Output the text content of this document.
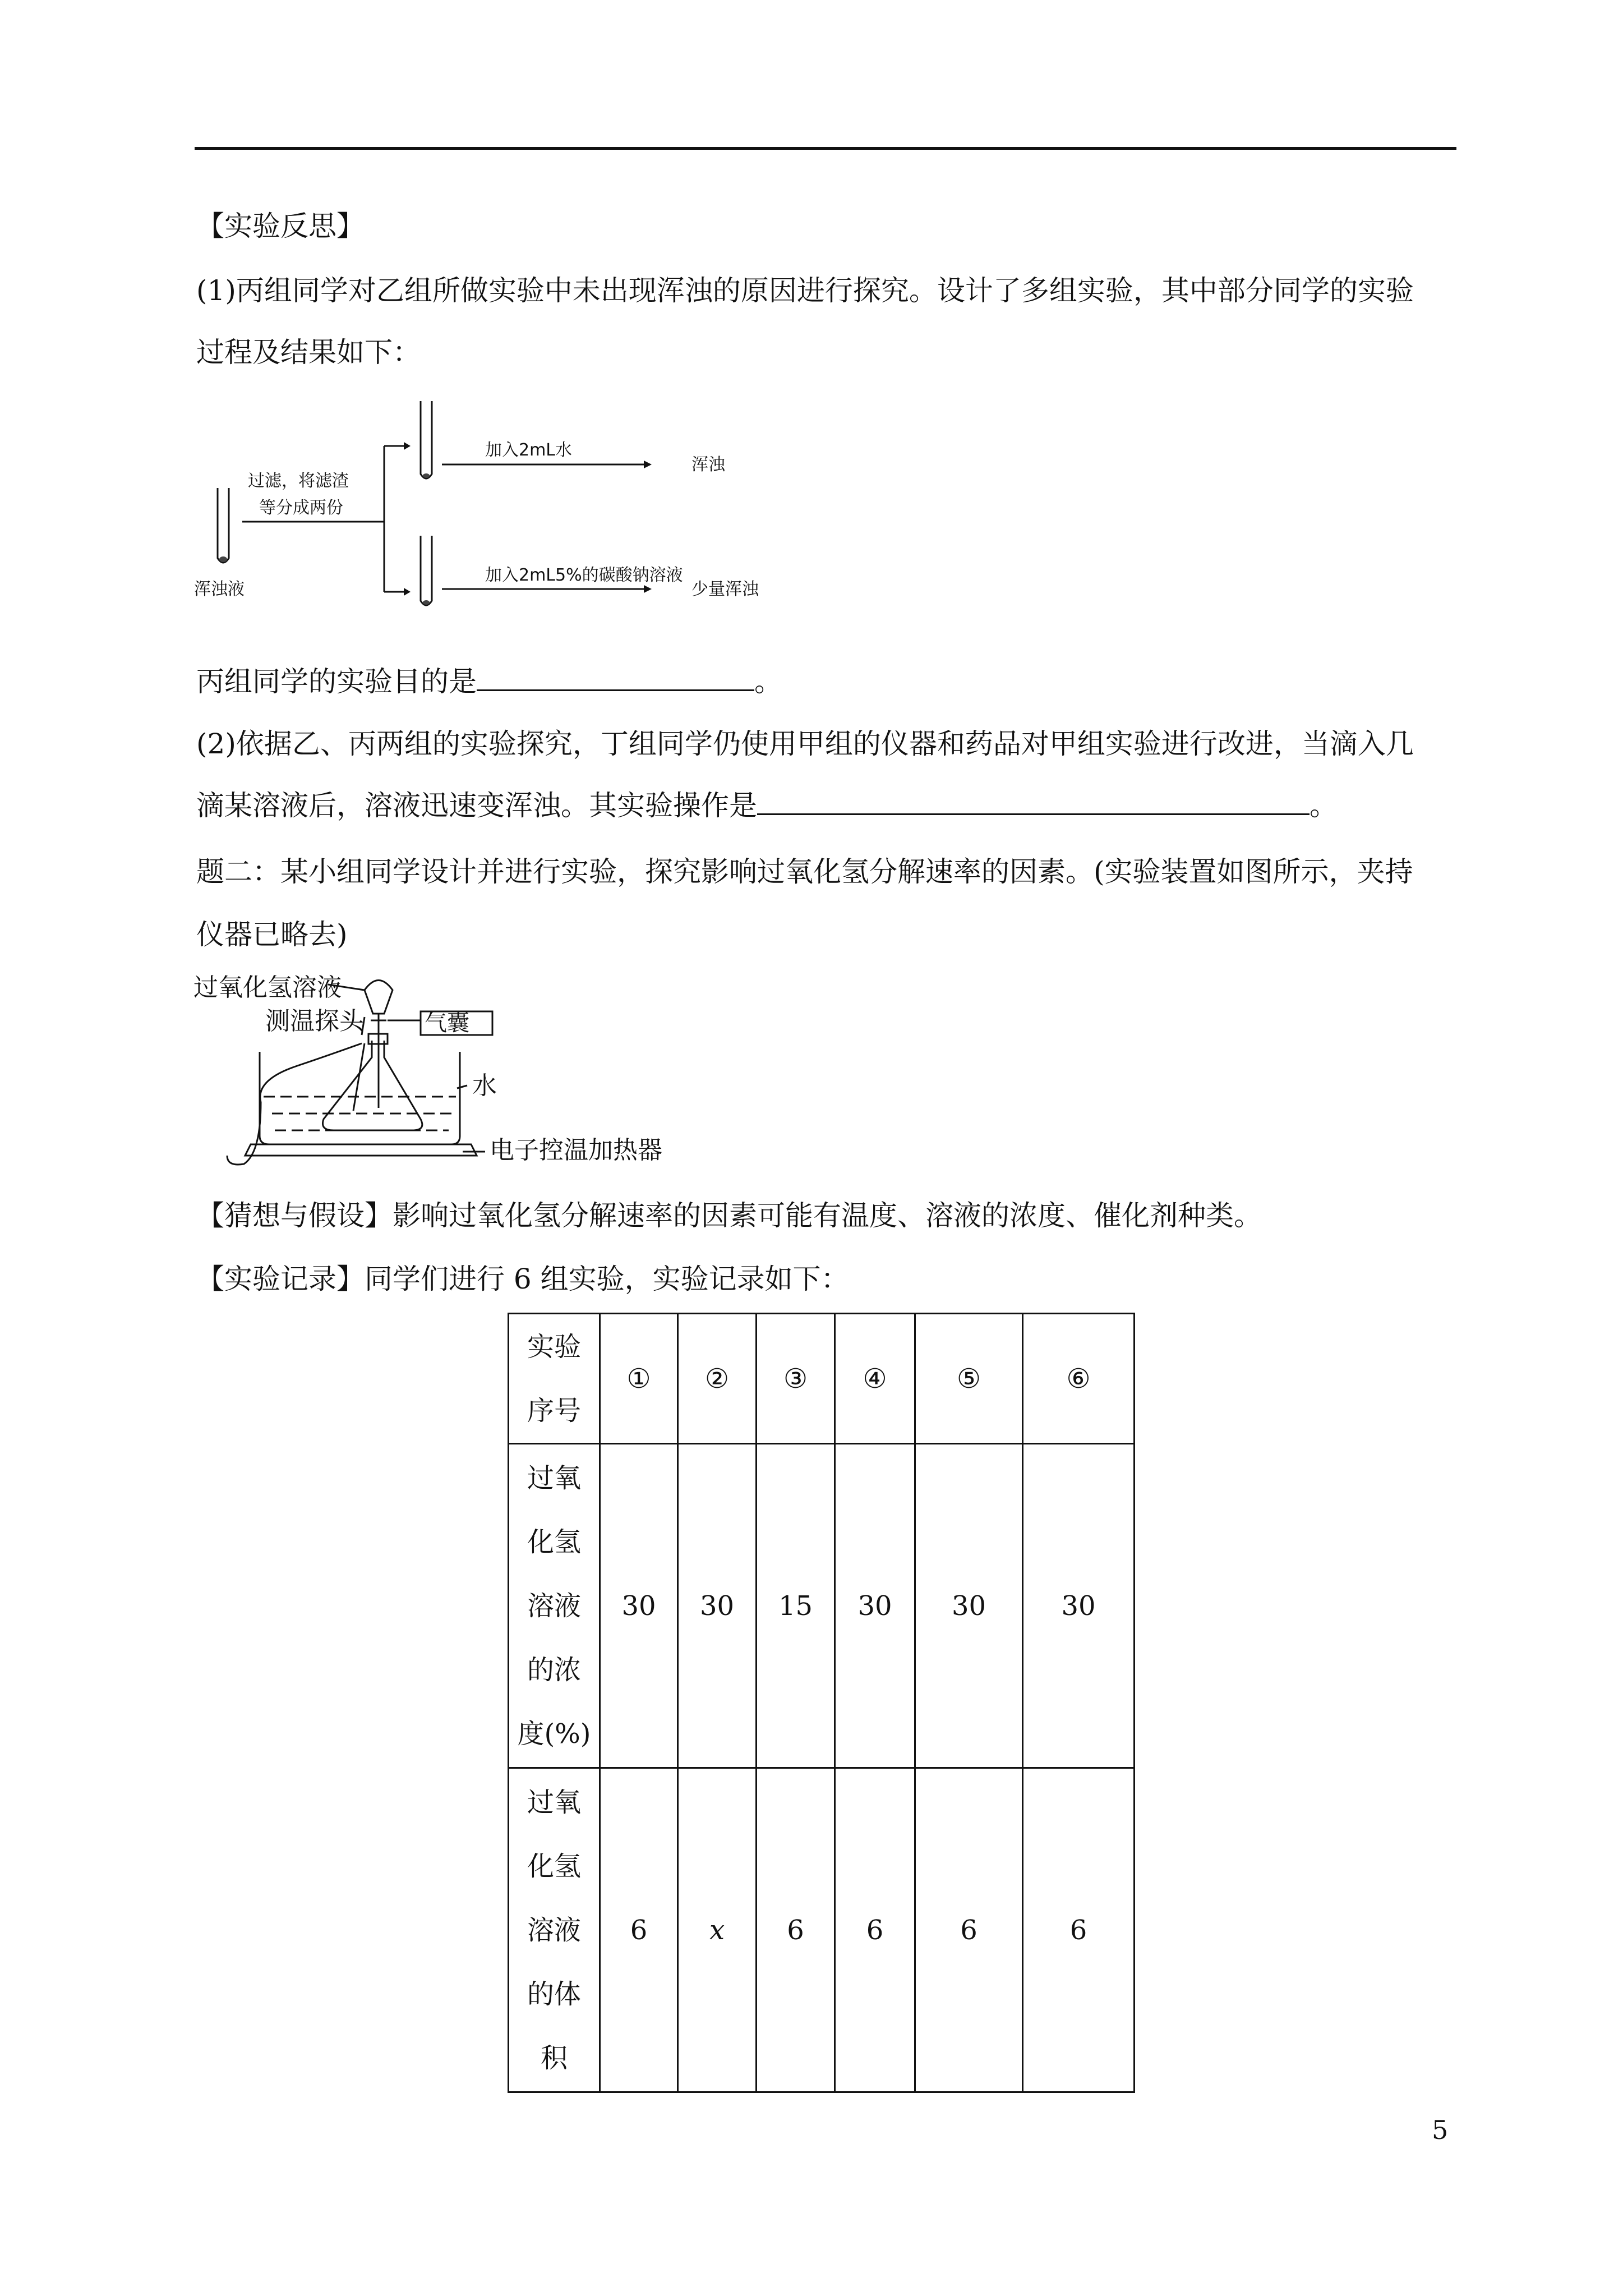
【实验反思】
(1)丙组同学对乙组所做实验中未出现浑浊的原因进行探究。设计了多组实验，其中部分同学的实验
过程及结果如下：
浑浊液
过滤，将滤渣
等分成两份
加入2mL水
浑浊
加入2mL5%的碳酸钠溶液
少量浑浊
丙组同学的实验目的是	。
(2)依据乙、丙两组的实验探究，丁组同学仍使用甲组的仪器和药品对甲组实验进行改进，当滴入几
滴某溶液后，溶液迅速变浑浊。其实验操作是	。
题二：某小组同学设计并进行实验，探究影响过氧化氢分解速率的因素。(实验装置如图所示，夹持
仪器已略去)
过氧化氢溶液
测温探头	气囊
水
电子控温加热器
【猜想与假设】影响过氧化氢分解速率的因素可能有温度、溶液的浓度、催化剂种类。
【实验记录】同学们进行 6 组实验，实验记录如下：
实验
序号	①	②	③	④	⑤	⑥

过氧
化氢
溶液
的浓
度(%)	30	30	15	30	30	30

过氧
化氢
溶液
的体
积	6	x	6	6	6	6
5
